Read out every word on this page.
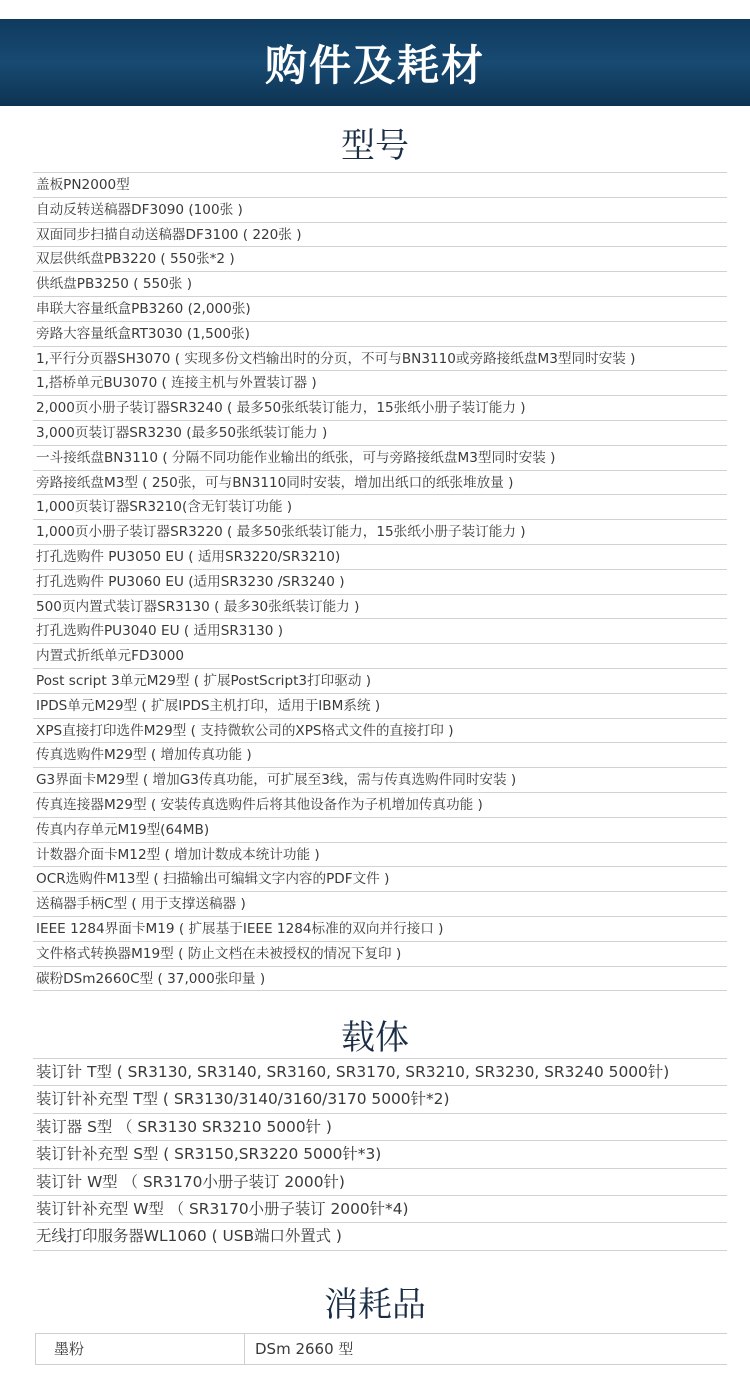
购件及耗材
型号
盖板PN2000型
自动反转送稿器DF3090 (100张 )
双面同步扫描自动送稿器DF3100 ( 220张 )
双层供纸盘PB3220 ( 550张*2 )
供纸盘PB3250 ( 550张 )
串联大容量纸盒PB3260 (2,000张)
旁路大容量纸盒RT3030 (1,500张)
1,平行分页器SH3070 ( 实现多份文档输出时的分页，不可与BN3110或旁路接纸盘M3型同时安装 )
1,搭桥单元BU3070 ( 连接主机与外置装订器 )
2,000页小册子装订器SR3240 ( 最多50张纸装订能力，15张纸小册子装订能力 )
3,000页装订器SR3230 (最多50张纸装订能力 )
一斗接纸盘BN3110 ( 分隔不同功能作业输出的纸张，可与旁路接纸盘M3型同时安装 )
旁路接纸盘M3型 ( 250张，可与BN3110同时安装，增加出纸口的纸张堆放量 )
1,000页装订器SR3210(含无钉装订功能 )
1,000页小册子装订器SR3220 ( 最多50张纸装订能力，15张纸小册子装订能力 )
打孔选购件 PU3050 EU ( 适用SR3220/SR3210)
打孔选购件 PU3060 EU (适用SR3230 /SR3240 )
500页内置式装订器SR3130 ( 最多30张纸装订能力 )
打孔选购件PU3040 EU ( 适用SR3130 )
内置式折纸单元FD3000
Post script 3单元M29型 ( 扩展PostScript3打印驱动 )
IPDS单元M29型 ( 扩展IPDS主机打印，适用于IBM系统 )
XPS直接打印选件M29型 ( 支持微软公司的XPS格式文件的直接打印 )
传真选购件M29型 ( 增加传真功能 )
G3界面卡M29型 ( 增加G3传真功能，可扩展至3线，需与传真选购件同时安装 )
传真连接器M29型 ( 安装传真选购件后将其他设备作为子机增加传真功能 )
传真内存单元M19型(64MB)
计数器介面卡M12型 ( 增加计数成本统计功能 )
OCR选购件M13型 ( 扫描输出可编辑文字内容的PDF文件 )
送稿器手柄C型 ( 用于支撑送稿器 )
IEEE 1284界面卡M19 ( 扩展基于IEEE 1284标准的双向并行接口 )
文件格式转换器M19型 ( 防止文档在未被授权的情况下复印 )
碳粉DSm2660C型 ( 37,000张印量 )
载体
装订针 T型 ( SR3130, SR3140, SR3160, SR3170, SR3210, SR3230, SR3240 5000针)
装订针补充型 T型 ( SR3130/3140/3160/3170 5000针*2)
装订器 S型 （ SR3130 SR3210 5000针 )
装订针补充型 S型 ( SR3150,SR3220 5000针*3)
装订针 W型 （ SR3170小册子装订 2000针)
装订针补充型 W型 （ SR3170小册子装订 2000针*4)
无线打印服务器WL1060 ( USB端口外置式 )
消耗品
墨粉	DSm 2660 型
